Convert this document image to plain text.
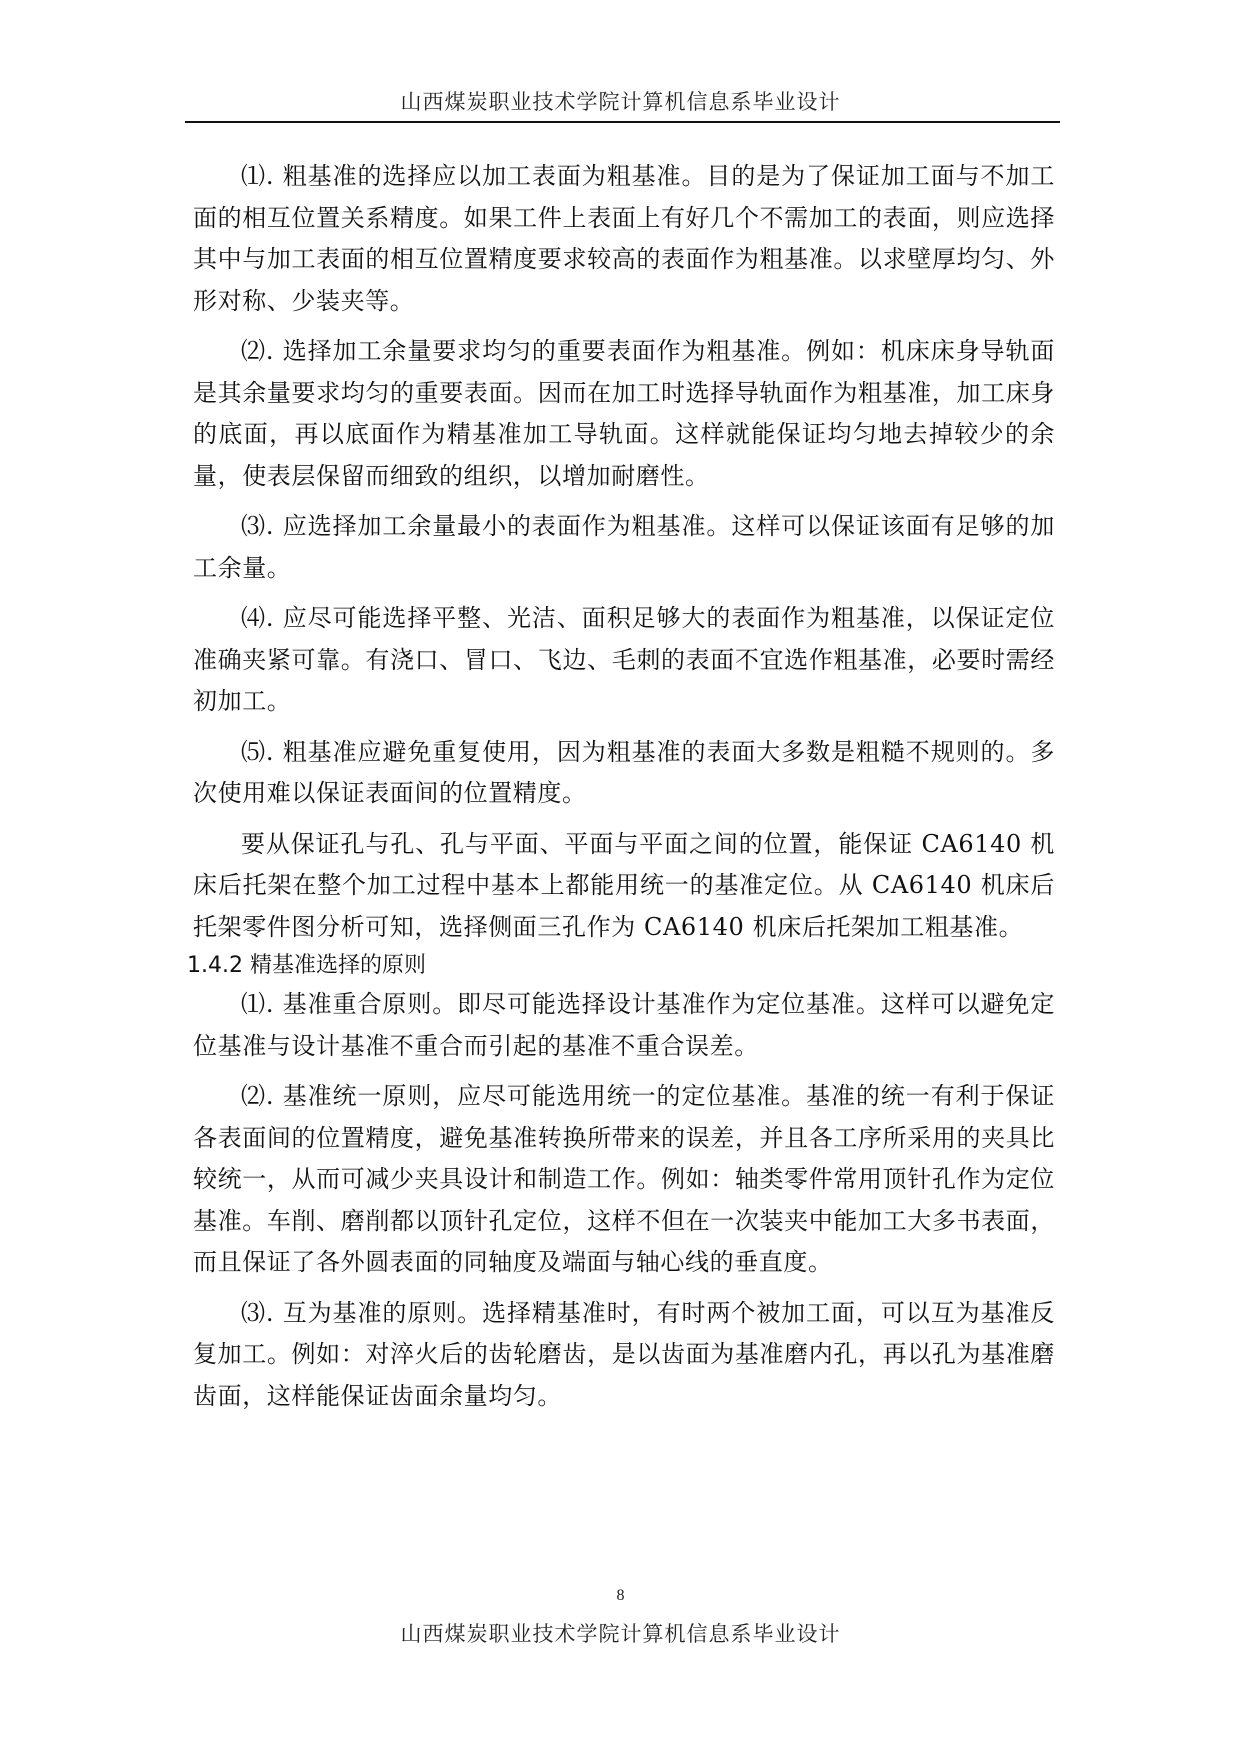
山西煤炭职业技术学院计算机信息系毕业设计

⑴. 粗基准的选择应以加工表面为粗基准。目的是为了保证加工面与不加工面的相互位置关系精度。如果工件上表面上有好几个不需加工的表面，则应选择其中与加工表面的相互位置精度要求较高的表面作为粗基准。以求壁厚均匀、外形对称、少装夹等。

⑵. 选择加工余量要求均匀的重要表面作为粗基准。例如：机床床身导轨面是其余量要求均匀的重要表面。因而在加工时选择导轨面作为粗基准，加工床身的底面，再以底面作为精基准加工导轨面。这样就能保证均匀地去掉较少的余量，使表层保留而细致的组织，以增加耐磨性。

⑶. 应选择加工余量最小的表面作为粗基准。这样可以保证该面有足够的加工余量。

⑷. 应尽可能选择平整、光洁、面积足够大的表面作为粗基准，以保证定位准确夹紧可靠。有浇口、冒口、飞边、毛刺的表面不宜选作粗基准，必要时需经初加工。

⑸. 粗基准应避免重复使用，因为粗基准的表面大多数是粗糙不规则的。多次使用难以保证表面间的位置精度。

要从保证孔与孔、孔与平面、平面与平面之间的位置，能保证 CA6140 机床后托架在整个加工过程中基本上都能用统一的基准定位。从 CA6140 机床后托架零件图分析可知，选择侧面三孔作为 CA6140 机床后托架加工粗基准。

1.4.2 精基准选择的原则

⑴. 基准重合原则。即尽可能选择设计基准作为定位基准。这样可以避免定位基准与设计基准不重合而引起的基准不重合误差。

⑵. 基准统一原则，应尽可能选用统一的定位基准。基准的统一有利于保证各表面间的位置精度，避免基准转换所带来的误差，并且各工序所采用的夹具比较统一，从而可减少夹具设计和制造工作。例如：轴类零件常用顶针孔作为定位基准。车削、磨削都以顶针孔定位，这样不但在一次装夹中能加工大多书表面，而且保证了各外圆表面的同轴度及端面与轴心线的垂直度。

⑶. 互为基准的原则。选择精基准时，有时两个被加工面，可以互为基准反复加工。例如：对淬火后的齿轮磨齿，是以齿面为基准磨内孔，再以孔为基准磨齿面，这样能保证齿面余量均匀。

8
山西煤炭职业技术学院计算机信息系毕业设计
